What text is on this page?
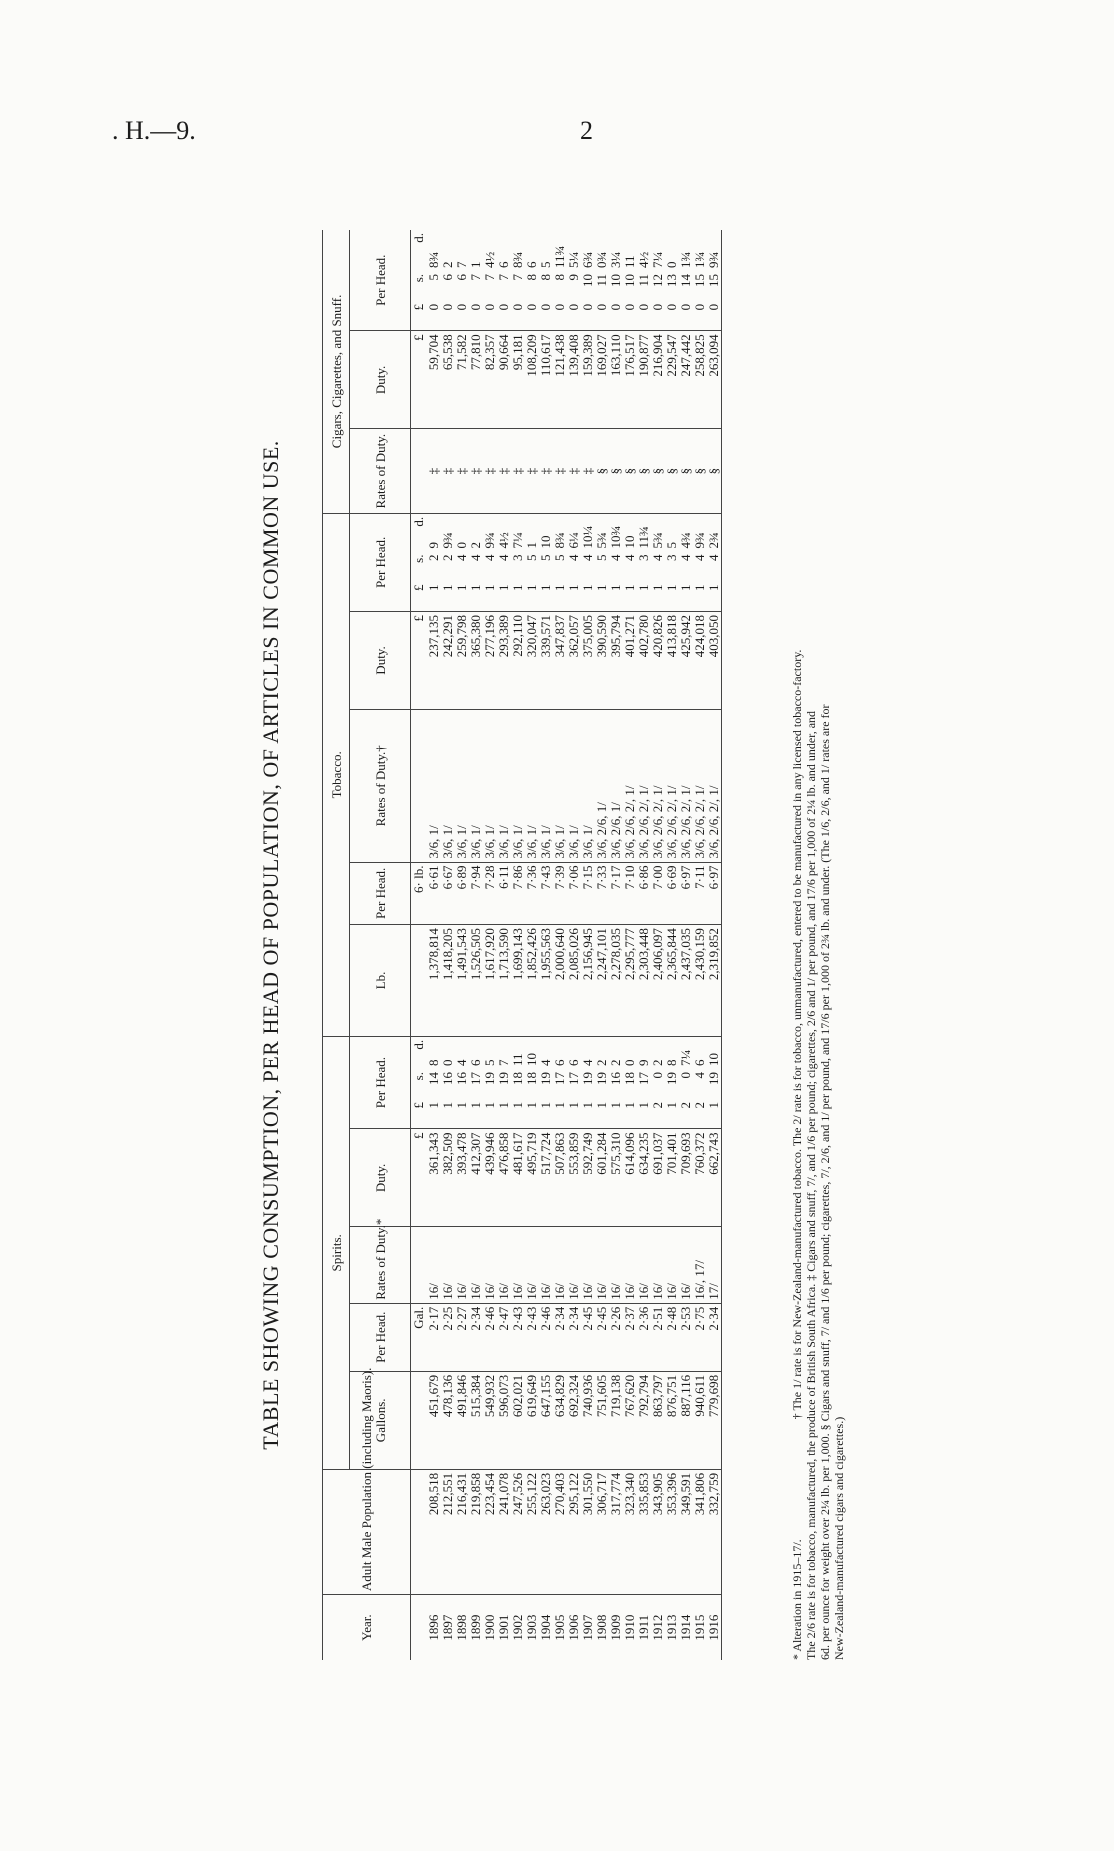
. H.—9.	2
TABLE SHOWING CONSUMPTION, PER HEAD OF POPULATION, OF ARTICLES IN COMMON USE.
Year.	Adult Male Population (including Maoris).	Spirits.							Tobacco.							Cigars, Cigarettes, and Snuff.				
		Gallons.	Per Head.	Rates of Duty.*	Duty.	Per Head.			Lb.	Per Head.	Rates of Duty.†	Duty.	Per Head.			Rates of Duty.	Duty.	Per Head.		
			Gal.		£	£	s.	d.		6· lb.		£	£	s.	d.		£	£	s.	d.
1896	208,518	451,679	2·17	16/	361,343	1	14	8	1,378,814	6·61	3/6, 1/	237,135	1	2	9	‡	59,704	0	5	8¾
1897	212,551	478,136	2·25	16/	382,509	1	16	0	1,418,205	6·67	3/6, 1/	242,291	1	2	9¾	‡	65,538	0	6	2
1898	216,431	491,846	2·27	16/	393,478	1	16	4	1,491,543	6·89	3/6, 1/	259,798	1	4	0	‡	71,582	0	6	7
1899	219,858	515,384	2·34	16/	412,307	1	17	6	1,526,505	7·94	3/6, 1/	365,380	1	4	2	‡	77,810	0	7	1
1900	223,454	549,932	2·46	16/	439,946	1	19	5	1,617,920	7·28	3/6, 1/	277,196	1	4	9¾	‡	82,357	0	7	4½
1901	241,078	596,073	2·47	16/	476,858	1	19	7	1,713,590	6·11	3/6, 1/	293,389	1	4	4½	‡	90,664	0	7	6
1902	247,526	602,021	2·43	16/	481,617	1	18	11	1,699,143	7·86	3/6, 1/	292,110	1	3	7¼	‡	95,181	0	7	8¾
1903	255,122	619,649	2·43	16/	495,719	1	18	10	1,852,426	7·36	3/6, 1/	320,047	1	5	1	‡	108,209	0	8	6
1904	263,023	647,155	2·46	16/	517,724	1	19	4	1,955,563	7·43	3/6, 1/	339,571	1	5	10	‡	110,617	0	8	5
1905	270,403	634,829	2·34	16/	507,863	1	17	6	2,000,640	7·39	3/6, 1/	347,837	1	5	8¾	‡	121,438	0	8	11¾
1906	295,122	692,324	2·34	16/	553,859	1	17	6	2,085,026	7·06	3/6, 1/	362,057	1	4	6¼	‡	139,408	0	9	5¼
1907	301,550	740,936	2·45	16/	592,749	1	19	4	2,156,945	7·15	3/6, 1/	375,005	1	4	10¼	‡	159,389	0	10	6¾
1908	306,717	751,605	2·45	16/	601,284	1	19	2	2,247,101	7·33	3/6, 2/6, 1/	390,590	1	5	5¾	§	169,027	0	11	0¾
1909	317,774	719,138	2·26	16/	575,310	1	16	2	2,278,035	7·17	3/6, 2/6, 1/	395,794	1	4	10¾	§	163,110	0	10	3¼
1910	323,340	767,620	2·37	16/	614,096	1	18	0	2,295,777	7·10	3/6, 2/6, 2/, 1/	401,271	1	4	10	§	176,517	0	10	11
1911	335,853	792,794	2·36	16/	634,235	1	17	9	2,303,448	6·86	3/6, 2/6, 2/, 1/	402,780	1	3	11¾	§	190,877	0	11	4½
1912	343,905	863,797	2·51	16/	691,037	2	0	2	2,406,097	7·00	3/6, 2/6, 2/, 1/	420,826	1	4	5¾	§	216,904	0	12	7¼
1913	353,396	876,751	2·48	16/	701,401	1	19	8	2,365,844	6·69	3/6, 2/6, 2/, 1/	413,818	1	3	5	§	229,547	0	13	0
1914	349,591	887,116	2·53	16/	709,693	2	0	7¼	2,437,035	6·97	3/6, 2/6, 2/, 1/	425,942	1	4	4¾	§	247,442	0	14	1¾
1915	341,806	940,611	2·75	16/, 17/	760,372	2	4	6	2,430,159	7·11	3/6, 2/6, 2/, 1/	424,018	1	4	9¾	§	258,825	0	15	1¾
1916	332,759	779,698	2·34	17/	662,743	1	19	10	2,319,852	6·97	3/6, 2/6, 2/, 1/	403,050	1	4	2¾	§	263,094	0	15	9¾

* Alteration in 1915–17/.† The 1/ rate is for New-Zealand-manufactured tobacco. The 2/ rate is for tobacco, unmanufactured, entered to be manufactured in any licensed tobacco-factory. The 2/6 rate is for tobacco, manufactured, the produce of British South Africa. ‡ Cigars and snuff, 7/, and 1/6 per pound; cigarettes, 2/6 and 1/ per pound, and 17/6 per 1,000 of 2¼ lb. and under, and 6d. per ounce for weight over 2¼ lb. per 1,000. § Cigars and snuff, 7/ and 1/6 per pound; cigarettes, 7/, 2/6, and 1/ per pound, and 17/6 per 1,000 of 2¾ lb. and under. (The 1/6, 2/6, and 1/ rates are for New-Zealand-manufactured cigars and cigarettes.)
